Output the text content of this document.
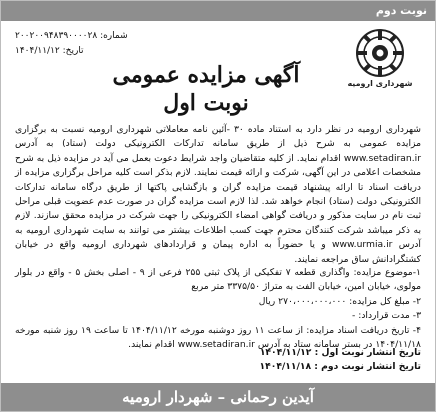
نوبت دوم
شماره: ۲۰۰۲۰۰۹۴۸۳۹۰۰۰۰۲۸
تاریخ: ۱۴۰۴/۱۱/۱۲
شهرداری ارومیه
آگهی مزایده عمومی
نوبت اول
شهرداری ارومیه در نظر دارد به استناد ماده ۳۰ -آئین نامه معاملاتی شهرداری ارومیه نسبت به برگزاری مزایده عمومی به شرح ذیل از طریق سامانه تدارکات الکترونیکی دولت (ستاد) به آدرس www.setadiran.ir اقدام نماید. از کلیه متقاضیان واجد شرایط دعوت بعمل می آید در مزایده ذیل به شرح مشخصات اعلامی در این آگهی، شرکت و ارائه قیمت نمایند. لازم بذکر است کلیه مراحل برگزاری مزایده از دریافت اسناد تا ارائه پیشنهاد قیمت مزایده گران و بازگشایی پاکتها از طریق درگاه سامانه تدارکات الکترونیکی دولت (ستاد) انجام خواهد شد. لذا لازم است مزایده گران در صورت عدم عضویت قبلی مراحل ثبت نام در سایت مذکور و دریافت گواهی امضاء الکترونیکی را جهت شرکت در مزایده محقق سازند. لازم به ذکر میباشد شرکت کنندگان محترم جهت کسب اطلاعات بیشتر می توانند به سایت شهرداری ارومیه به آدرس www.urmia.ir و یا حضوراً به اداره پیمان و قراردادهای شهرداری ارومیه واقع در خیابان کشتگرادانش ساق مراجعه نمایند.

۱-موضوع مزایده: واگذاری قطعه ۷ تفکیکی از پلاک ثبتی ۲۵۵ فرعی از ۹ - اصلی بخش ۵ - واقع در بلوار مولوی، خیابان امین، خیابان الفت به متراژ ۳۳۷۵/۵۰ متر مربع

۲- مبلغ کل مزایده: ۲۷۰،۰۰۰،۰۰۰،۰۰۰ ریال

۳- مدت قرارداد: -

۴- تاریخ دریافت اسناد مزایده: از ساعت ۱۱ روز دوشنبه مورخه ۱۴۰۴/۱۱/۱۲ تا ساعت ۱۹ روز شنبه مورخه ۱۴۰۴/۱۱/۱۸ در بستر سامانه ستاد به آدرس www.setadiran.ir اقدام نمایند.

تاریخ انتشار نوبت اول : ۱۴۰۴/۱۱/۱۲
تاریخ انتشار نوبت دوم : ۱۴۰۴/۱۱/۱۸
آیدین رحمانی – شهردار ارومیه
